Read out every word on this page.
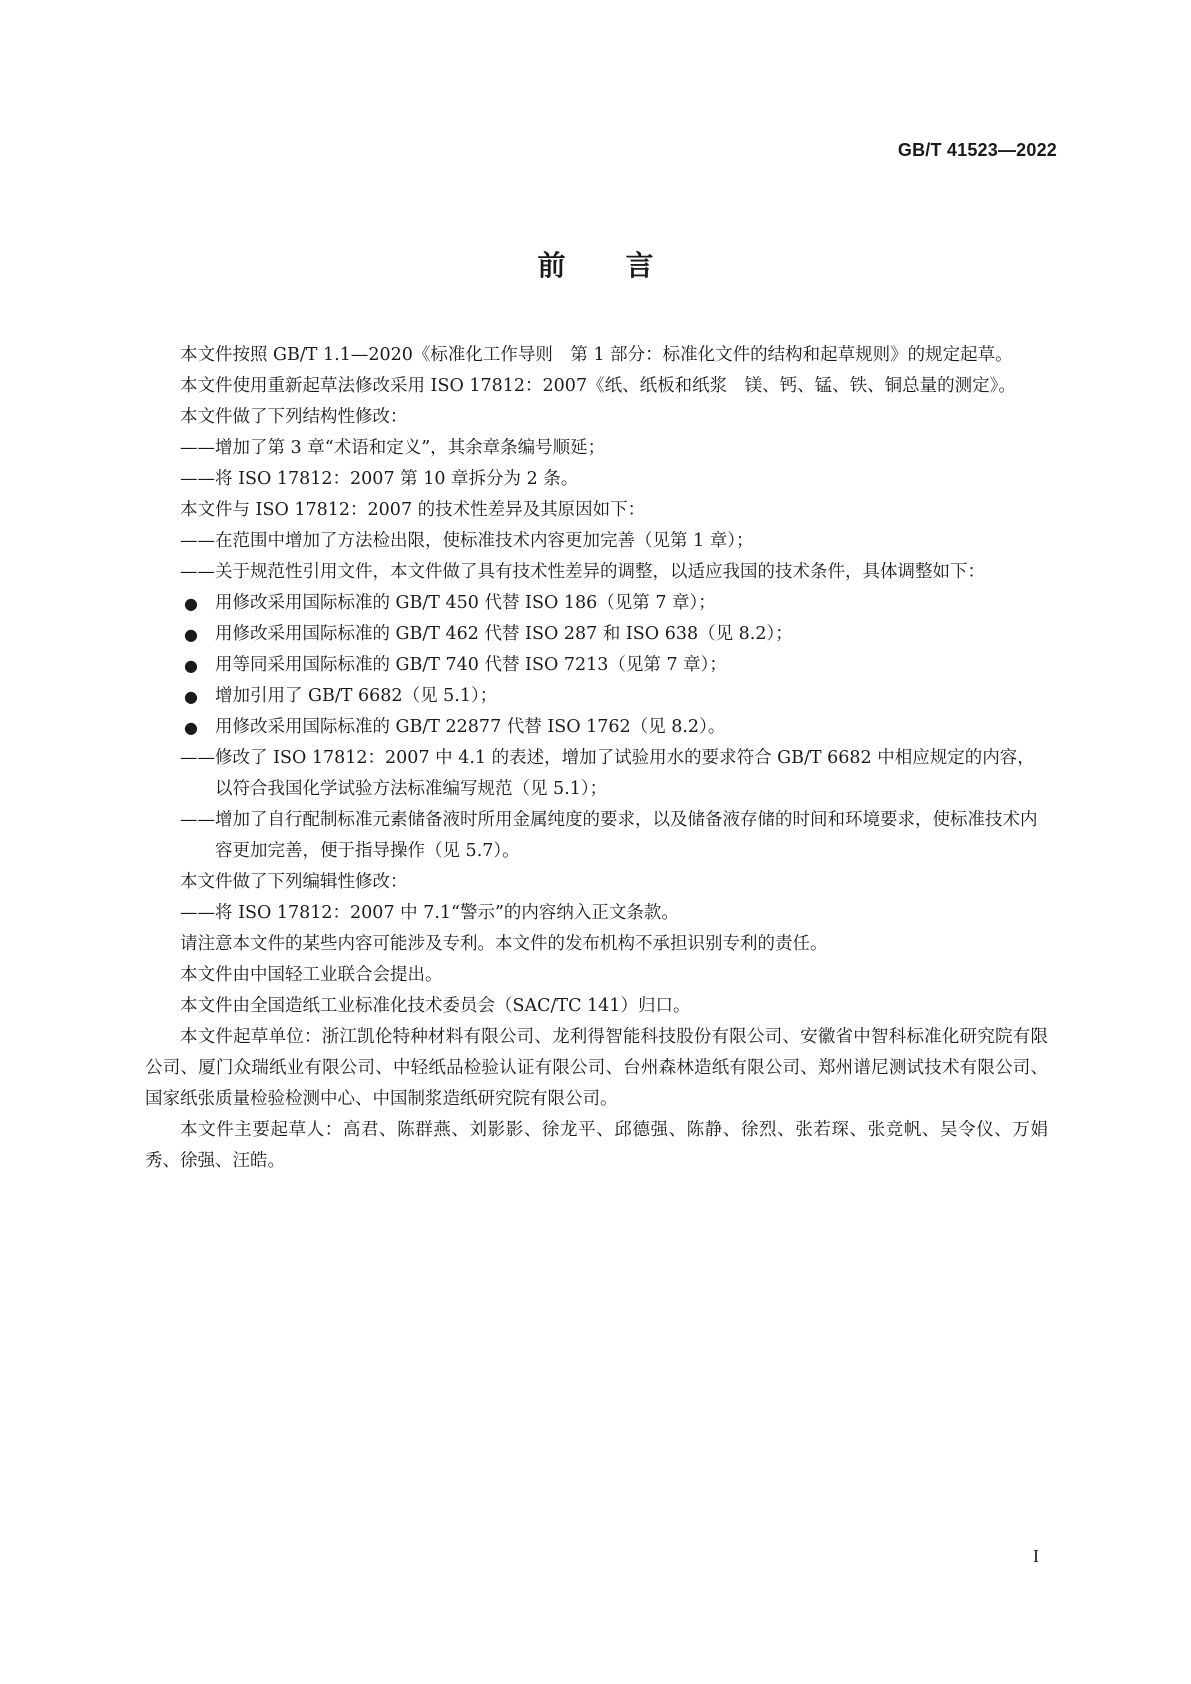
GB/T 41523—2022
前 言

本文件按照 GB/T 1.1—2020《标准化工作导则　第 1 部分：标准化文件的结构和起草规则》的规定起草。

本文件使用重新起草法修改采用 ISO 17812：2007《纸、纸板和纸浆　镁、钙、锰、铁、铜总量的测定》。

本文件做了下列结构性修改：

——增加了第 3 章“术语和定义”，其余章条编号顺延；

——将 ISO 17812：2007 第 10 章拆分为 2 条。

本文件与 ISO 17812：2007 的技术性差异及其原因如下：

——在范围中增加了方法检出限，使标准技术内容更加完善（见第 1 章）；

——关于规范性引用文件，本文件做了具有技术性差异的调整，以适应我国的技术条件，具体调整如下：

● 用修改采用国际标准的 GB/T 450 代替 ISO 186（见第 7 章）；

● 用修改采用国际标准的 GB/T 462 代替 ISO 287 和 ISO 638（见 8.2）；

● 用等同采用国际标准的 GB/T 740 代替 ISO 7213（见第 7 章）；

● 增加引用了 GB/T 6682（见 5.1）；

● 用修改采用国际标准的 GB/T 22877 代替 ISO 1762（见 8.2）。

——修改了 ISO 17812：2007 中 4.1 的表述，增加了试验用水的要求符合 GB/T 6682 中相应规定的内容，以符合我国化学试验方法标准编写规范（见 5.1）；

——增加了自行配制标准元素储备液时所用金属纯度的要求，以及储备液存储的时间和环境要求，使标准技术内容更加完善，便于指导操作（见 5.7）。

本文件做了下列编辑性修改：

——将 ISO 17812：2007 中 7.1“警示”的内容纳入正文条款。

请注意本文件的某些内容可能涉及专利。本文件的发布机构不承担识别专利的责任。

本文件由中国轻工业联合会提出。

本文件由全国造纸工业标准化技术委员会（SAC/TC 141）归口。

本文件起草单位：浙江凯伦特种材料有限公司、龙利得智能科技股份有限公司、安徽省中智科标准化研究院有限公司、厦门众瑞纸业有限公司、中轻纸品检验认证有限公司、台州森林造纸有限公司、郑州谱尼测试技术有限公司、国家纸张质量检验检测中心、中国制浆造纸研究院有限公司。

本文件主要起草人：高君、陈群燕、刘影影、徐龙平、邱德强、陈静、徐烈、张若琛、张竞帆、吴令仪、万娟秀、徐强、汪皓。

I
